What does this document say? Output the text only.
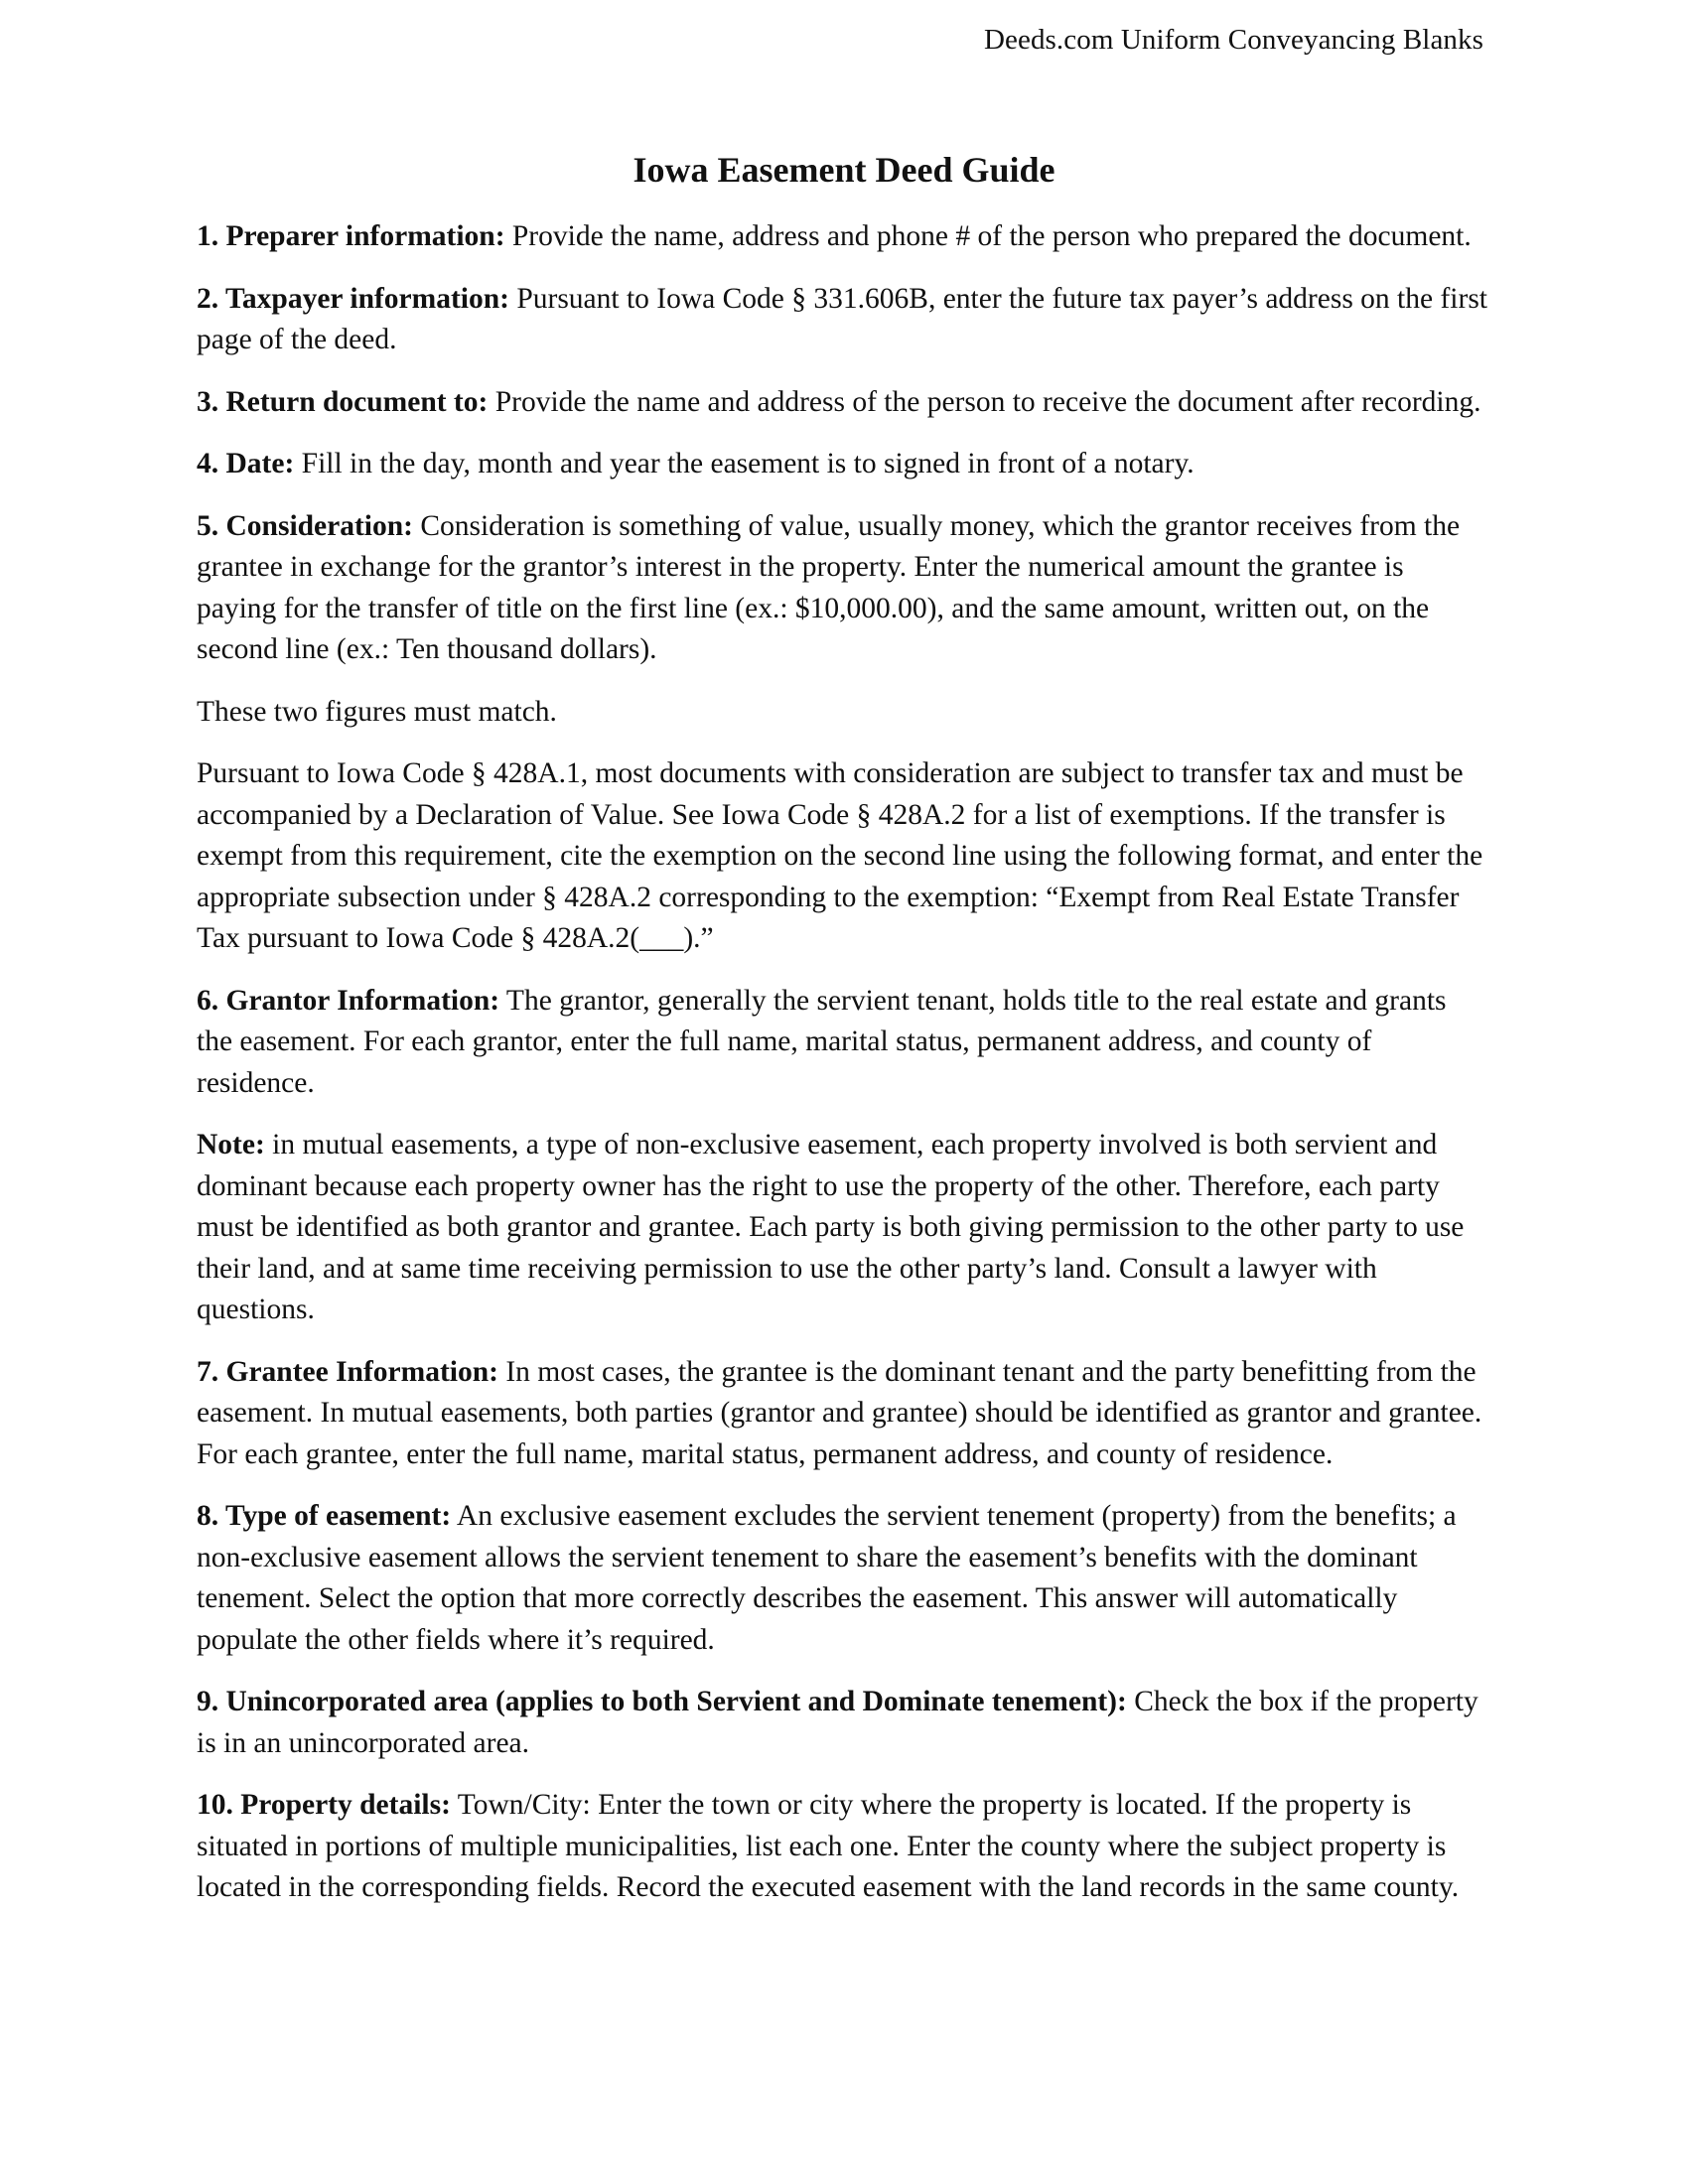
Deeds.com Uniform Conveyancing Blanks
Iowa Easement Deed Guide

1. Preparer information: Provide the name, address and phone # of the person who prepared the document.

2. Taxpayer information: Pursuant to Iowa Code § 331.606B, enter the future tax payer’s address on the first page of the deed.

3. Return document to: Provide the name and address of the person to receive the document after recording.

4. Date: Fill in the day, month and year the easement is to signed in front of a notary.

5. Consideration: Consideration is something of value, usually money, which the grantor receives from the grantee in exchange for the grantor’s interest in the property. Enter the numerical amount the grantee is paying for the transfer of title on the first line (ex.: $10,000.00), and the same amount, written out, on the second line (ex.: Ten thousand dollars).

These two figures must match.

Pursuant to Iowa Code § 428A.1, most documents with consideration are subject to transfer tax and must be accompanied by a Declaration of Value. See Iowa Code § 428A.2 for a list of exemptions. If the transfer is exempt from this requirement, cite the exemption on the second line using the following format, and enter the appropriate subsection under § 428A.2 corresponding to the exemption: “Exempt from Real Estate Transfer Tax pursuant to Iowa Code § 428A.2(___).”

6. Grantor Information: The grantor, generally the servient tenant, holds title to the real estate and grants the easement. For each grantor, enter the full name, marital status, permanent address, and county of residence.

Note: in mutual easements, a type of non-exclusive easement, each property involved is both servient and dominant because each property owner has the right to use the property of the other. Therefore, each party must be identified as both grantor and grantee. Each party is both giving permission to the other party to use their land, and at same time receiving permission to use the other party’s land. Consult a lawyer with questions.

7. Grantee Information: In most cases, the grantee is the dominant tenant and the party benefitting from the easement. In mutual easements, both parties (grantor and grantee) should be identified as grantor and grantee. For each grantee, enter the full name, marital status, permanent address, and county of residence.

8. Type of easement: An exclusive easement excludes the servient tenement (property) from the benefits; a non-exclusive easement allows the servient tenement to share the easement’s benefits with the dominant tenement. Select the option that more correctly describes the easement. This answer will automatically populate the other fields where it’s required.

9. Unincorporated area (applies to both Servient and Dominate tenement): Check the box if the property is in an unincorporated area.

10. Property details: Town/City: Enter the town or city where the property is located. If the property is situated in portions of multiple municipalities, list each one. Enter the county where the subject property is located in the corresponding fields. Record the executed easement with the land records in the same county.
